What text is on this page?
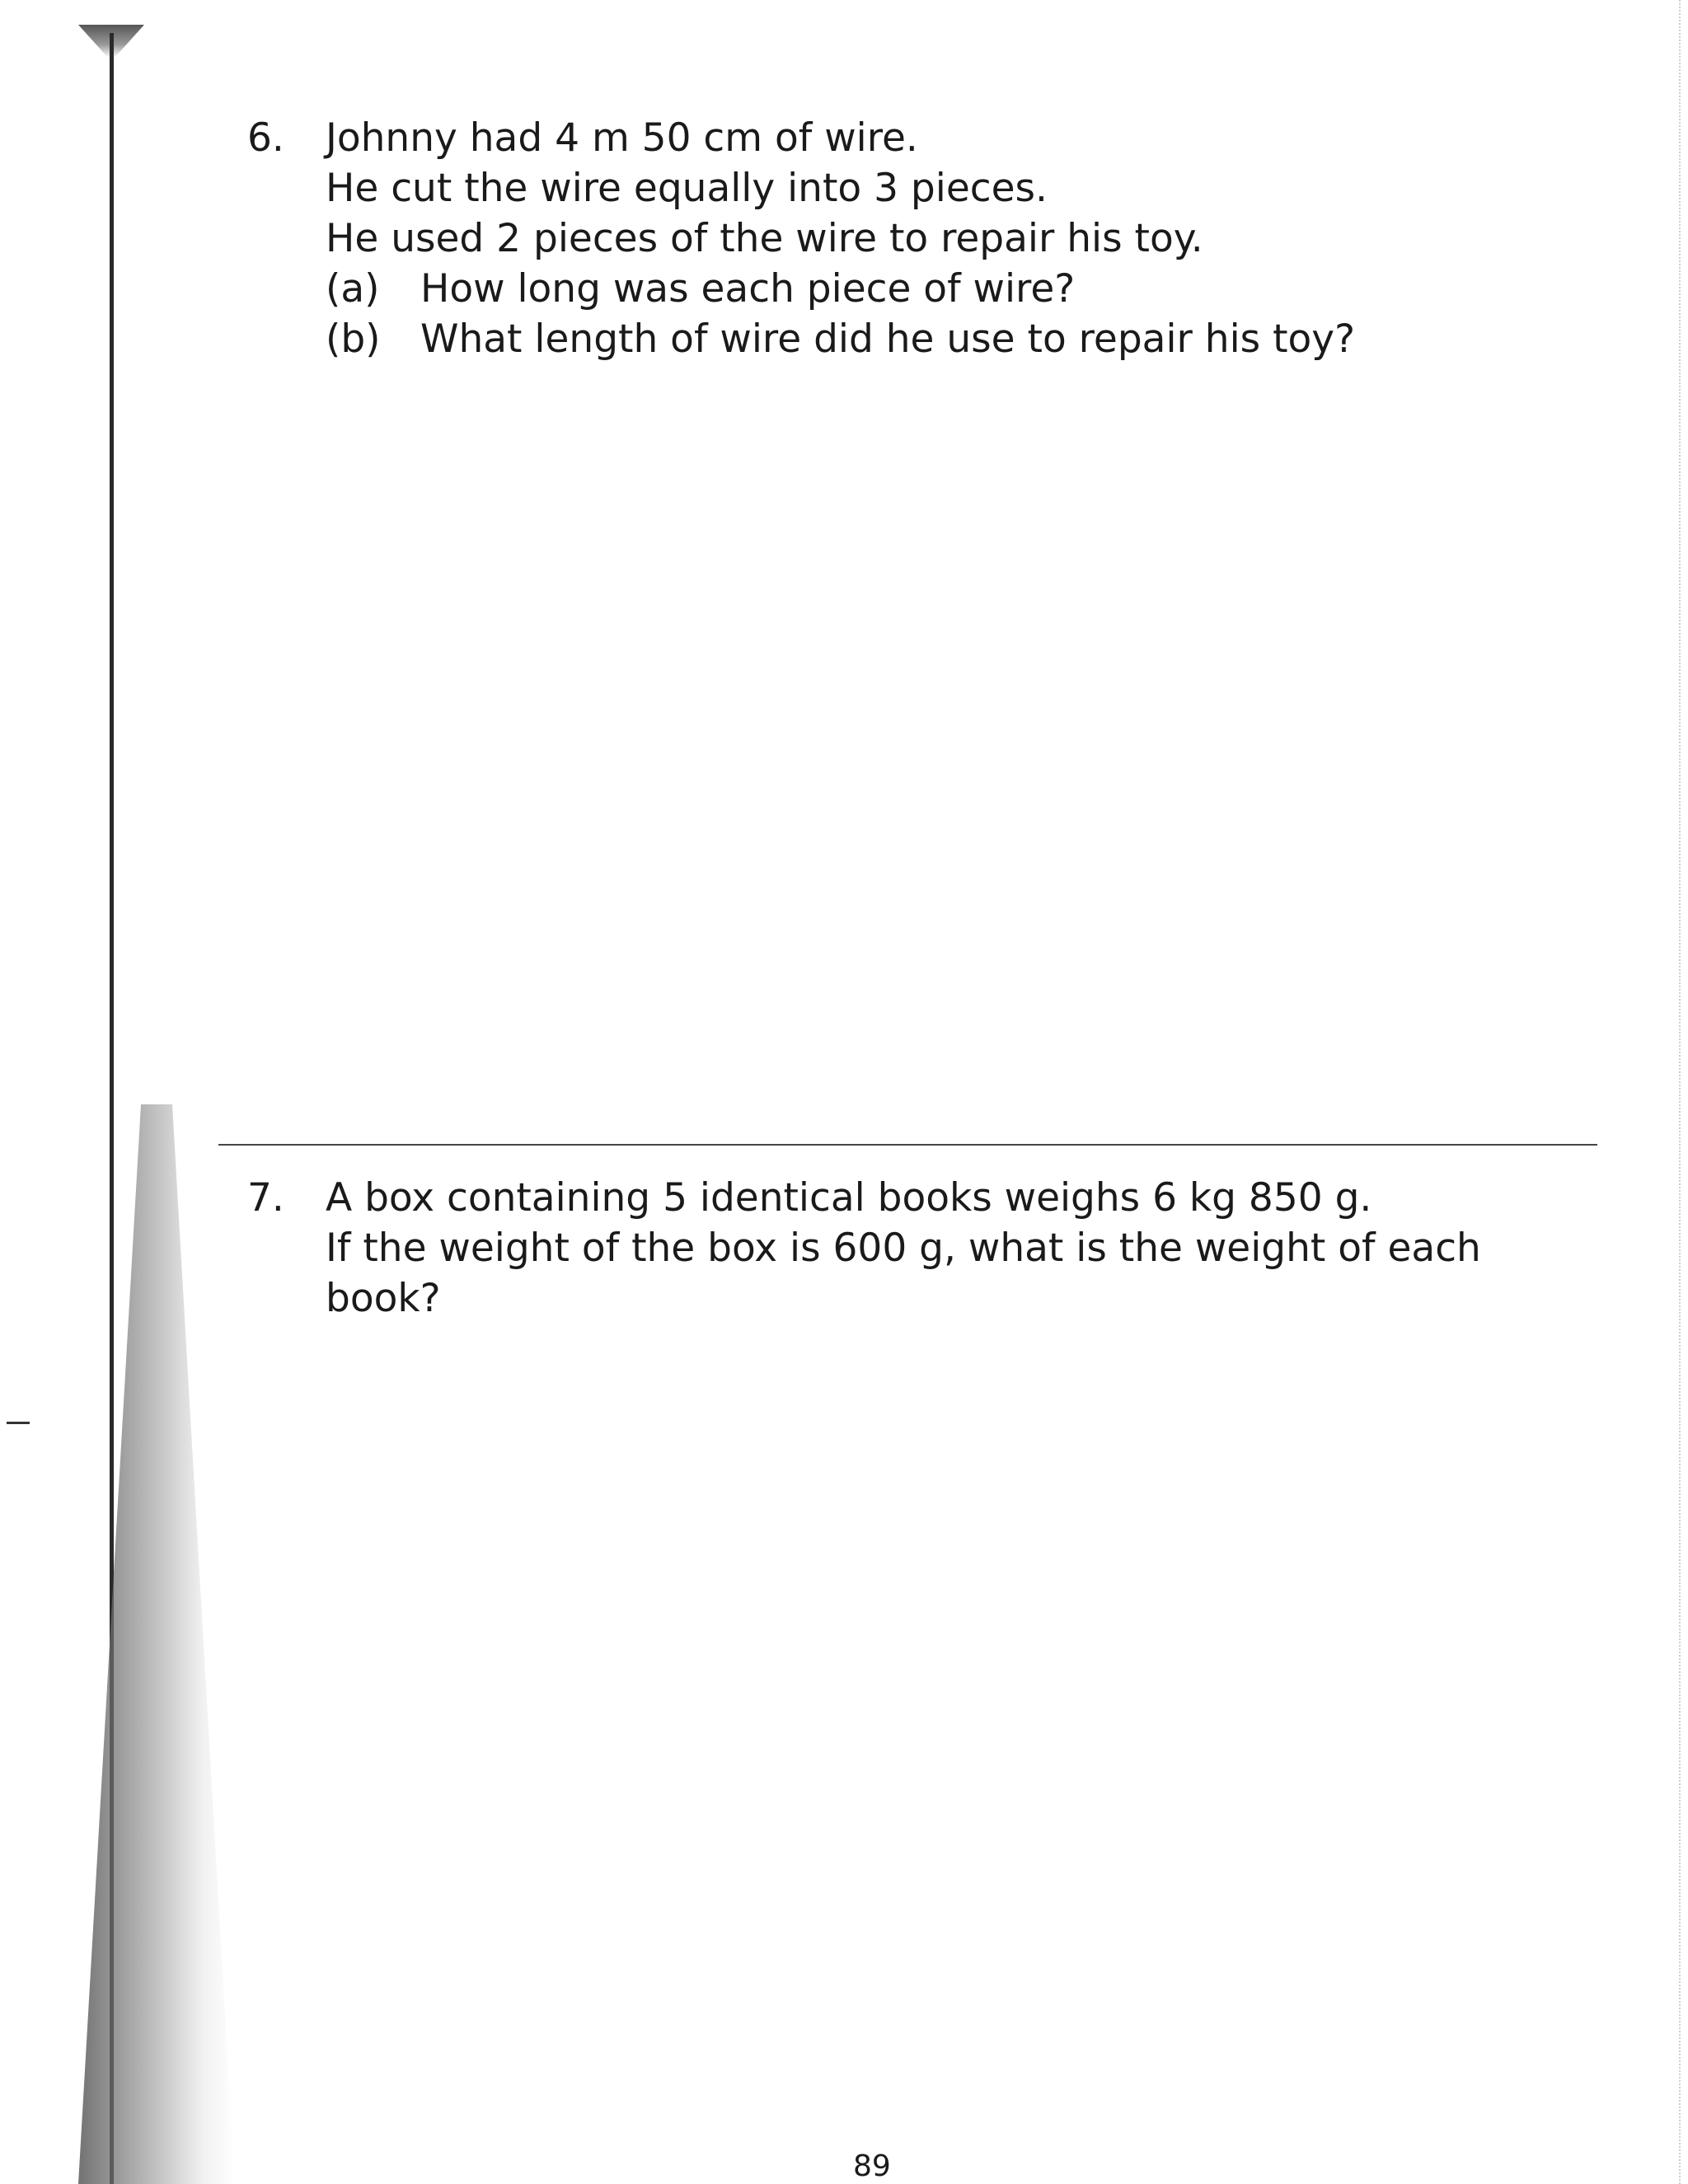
6. Johnny had 4 m 50 cm of wire.
He cut the wire equally into 3 pieces.
He used 2 pieces of the wire to repair his toy.
(a) How long was each piece of wire?
(b) What length of wire did he use to repair his toy?
7. A box containing 5 identical books weighs 6 kg 850 g.
If the weight of the box is 600 g, what is the weight of each
book?
89
